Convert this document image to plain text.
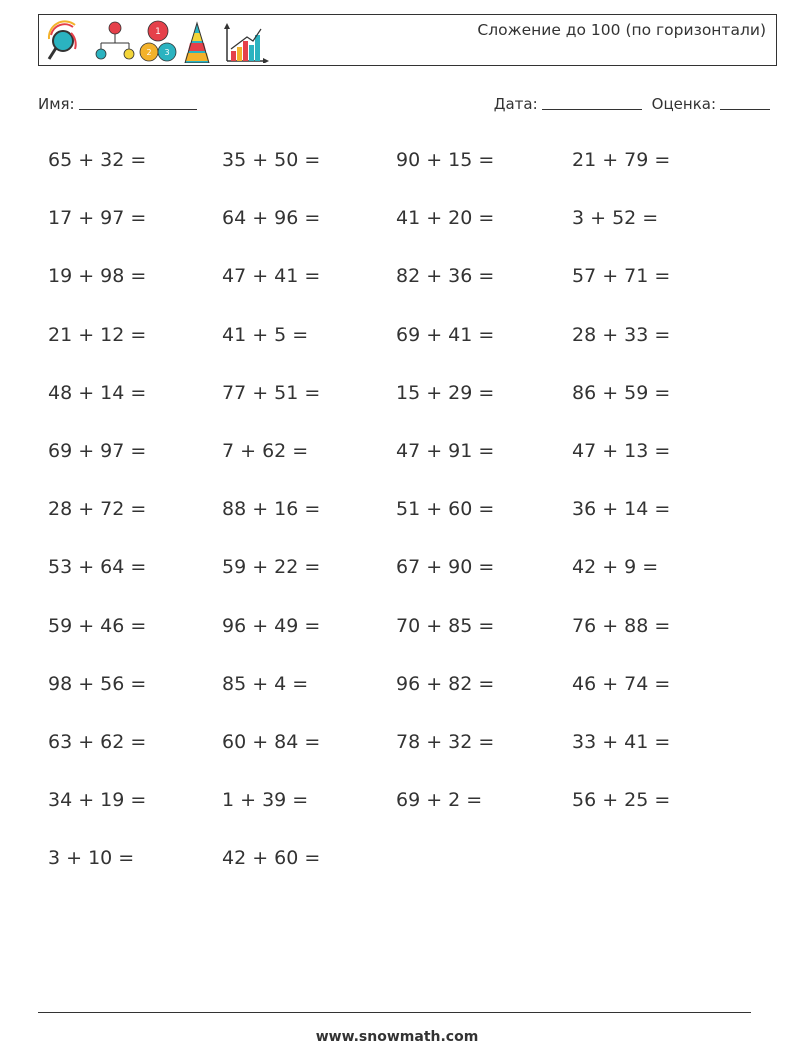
1
2 3
Сложение до 100 (по горизонтали)
Имя:	Дата:	Оценка:
65 + 32 =	35 + 50 =	90 + 15 =	21 + 79 =
17 + 97 =	64 + 96 =	41 + 20 =	3 + 52 =
19 + 98 =	47 + 41 =	82 + 36 =	57 + 71 =
21 + 12 =	41 + 5 =	69 + 41 =	28 + 33 =
48 + 14 =	77 + 51 =	15 + 29 =	86 + 59 =
69 + 97 =	7 + 62 =	47 + 91 =	47 + 13 =
28 + 72 =	88 + 16 =	51 + 60 =	36 + 14 =
53 + 64 =	59 + 22 =	67 + 90 =	42 + 9 =
59 + 46 =	96 + 49 =	70 + 85 =	76 + 88 =
98 + 56 =	85 + 4 =	96 + 82 =	46 + 74 =
63 + 62 =	60 + 84 =	78 + 32 =	33 + 41 =
34 + 19 =	1 + 39 =	69 + 2 =	56 + 25 =
3 + 10 =	42 + 60 =
www.snowmath.com
